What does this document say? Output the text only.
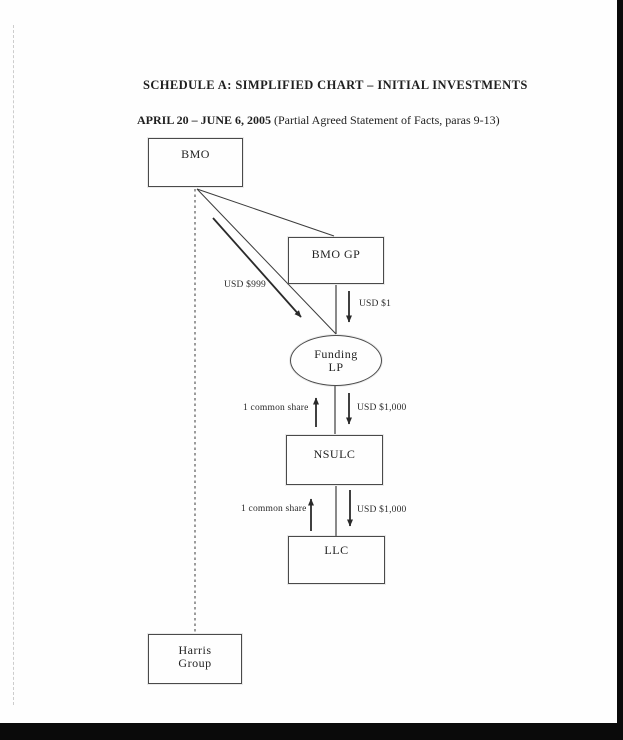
SCHEDULE A: SIMPLIFIED CHART – INITIAL INVESTMENTS
APRIL 20 – JUNE 6, 2005 (Partial Agreed Statement of Facts, paras 9-13)
BMO
BMO GP
Funding
LP
NSULC
LLC
Harris
Group
USD $999
USD $1
1 common share	USD $1,000
1 common share	USD $1,000
